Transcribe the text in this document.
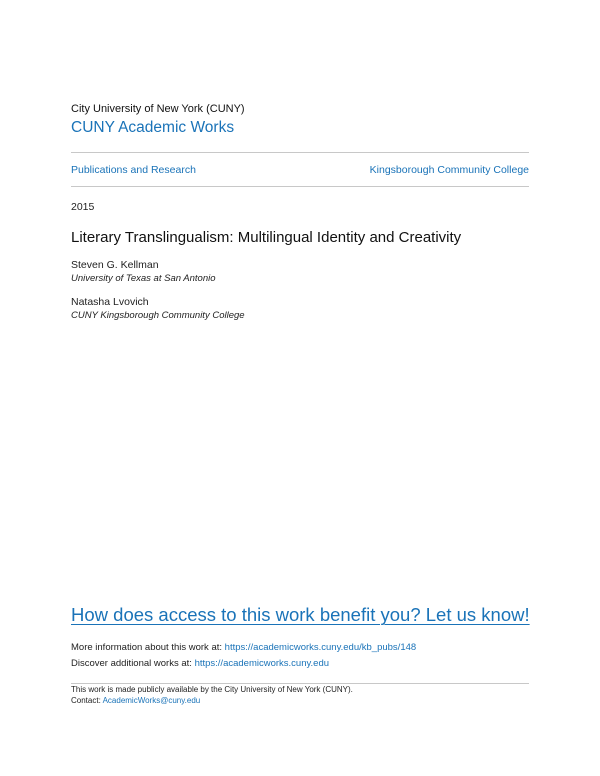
City University of New York (CUNY)
CUNY Academic Works
Publications and Research	Kingsborough Community College
2015
Literary Translingualism: Multilingual Identity and Creativity
Steven G. Kellman
University of Texas at San Antonio
Natasha Lvovich
CUNY Kingsborough Community College
How does access to this work benefit you? Let us know!
More information about this work at: https://academicworks.cuny.edu/kb_pubs/148
Discover additional works at: https://academicworks.cuny.edu
This work is made publicly available by the City University of New York (CUNY).
Contact: AcademicWorks@cuny.edu
